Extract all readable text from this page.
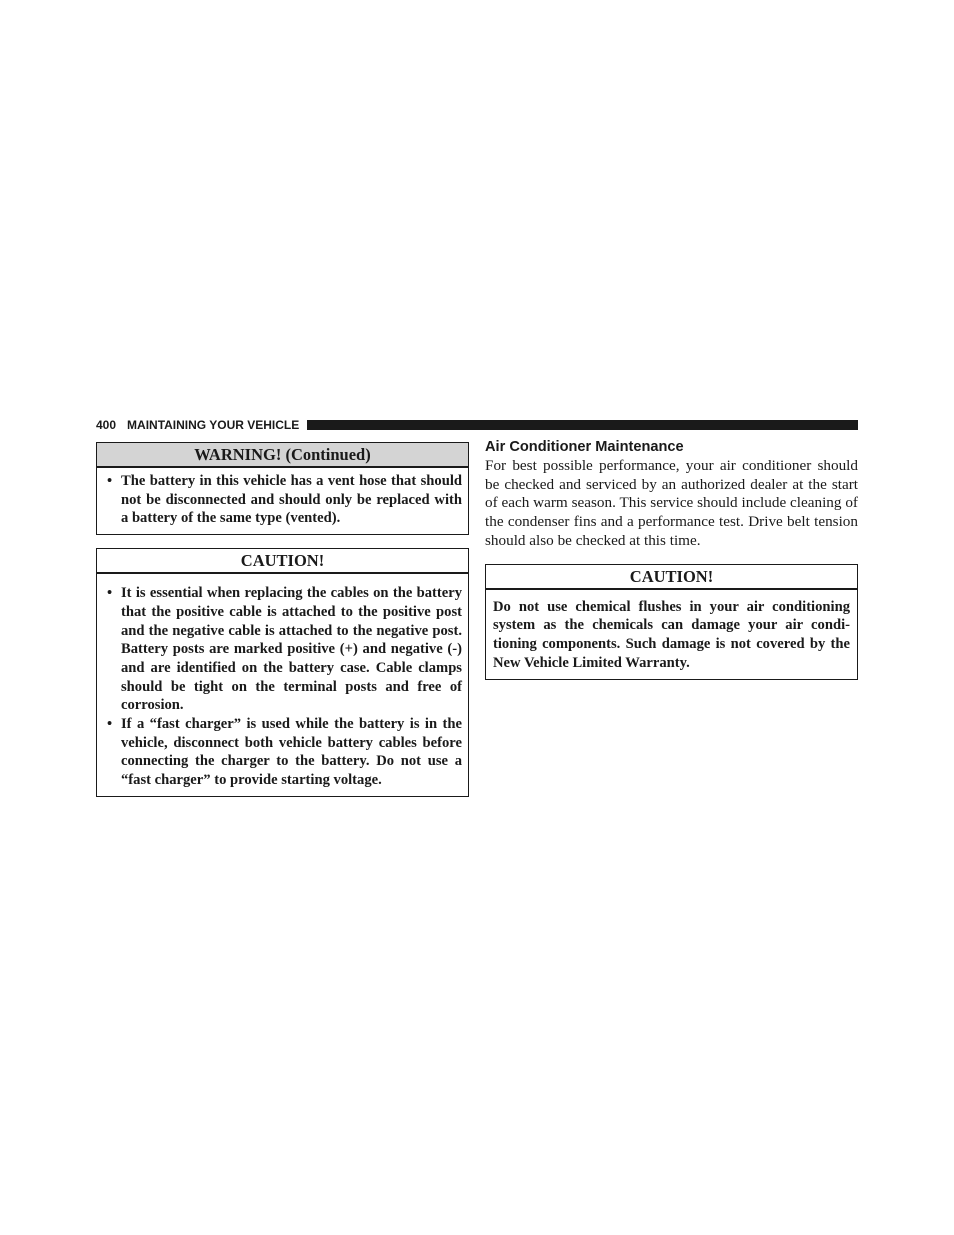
400 MAINTAINING YOUR VEHICLE
WARNING! (Continued)
• The battery in this vehicle has a vent hose that should not be disconnected and should only be replaced with a battery of the same type (vented).
CAUTION!
• It is essential when replacing the cables on the battery that the positive cable is attached to the positive post and the negative cable is attached to the negative post. Battery posts are marked positive (+) and negative (-) and are identified on the battery case. Cable clamps should be tight on the terminal posts and free of corrosion.
• If a “fast charger” is used while the battery is in the vehicle, disconnect both vehicle battery cables before connecting the charger to the battery. Do not use a “fast charger” to provide starting voltage.
Air Conditioner Maintenance

For best possible performance, your air conditioner should be checked and serviced by an authorized dealer at the start of each warm season. This service should include cleaning of the condenser fins and a performance test. Drive belt tension should also be checked at this time.

CAUTION!
Do not use chemical flushes in your air conditioning system as the chemicals can damage your air conditioning components. Such damage is not covered by the New Vehicle Limited Warranty.
